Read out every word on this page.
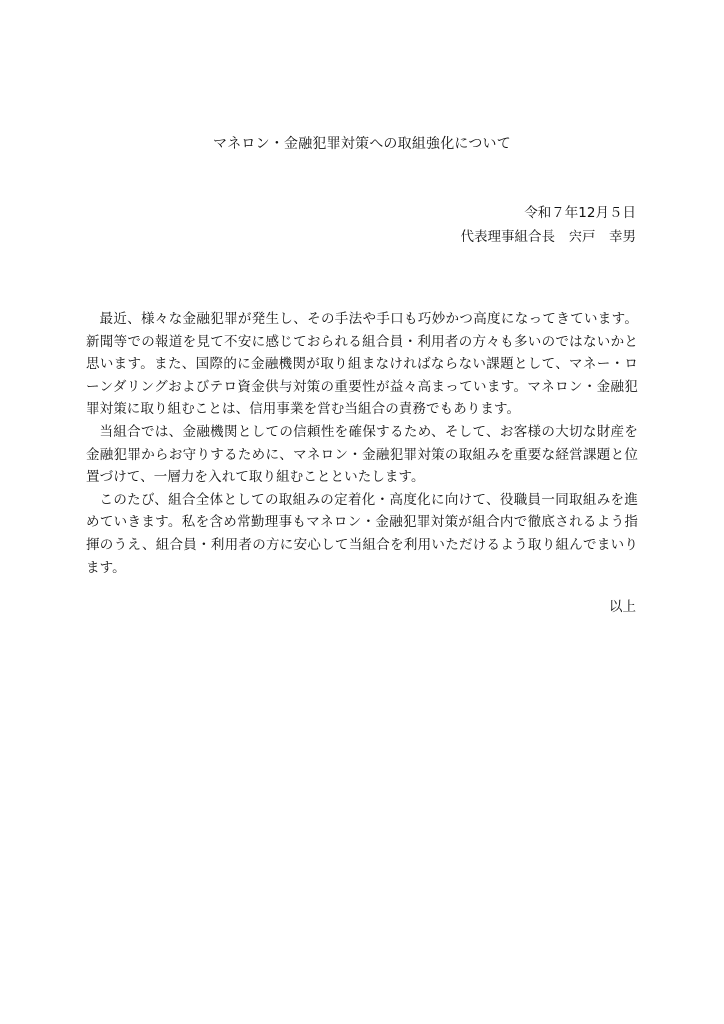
マネロン・金融犯罪対策への取組強化について
令和７年12月５日
代表理事組合長　宍戸　幸男

最近、様々な金融犯罪が発生し、その手法や手口も巧妙かつ高度になってきています。新聞等での報道を見て不安に感じておられる組合員・利用者の方々も多いのではないかと思います。また、国際的に金融機関が取り組まなければならない課題として、マネー・ローンダリングおよびテロ資金供与対策の重要性が益々高まっています。マネロン・金融犯罪対策に取り組むことは、信用事業を営む当組合の責務でもあります。

当組合では、金融機関としての信頼性を確保するため、そして、お客様の大切な財産を金融犯罪からお守りするために、マネロン・金融犯罪対策の取組みを重要な経営課題と位置づけて、一層力を入れて取り組むことといたします。

このたび、組合全体としての取組みの定着化・高度化に向けて、役職員一同取組みを進めていきます。私を含め常勤理事もマネロン・金融犯罪対策が組合内で徹底されるよう指揮のうえ、組合員・利用者の方に安心して当組合を利用いただけるよう取り組んでまいります。

以上
